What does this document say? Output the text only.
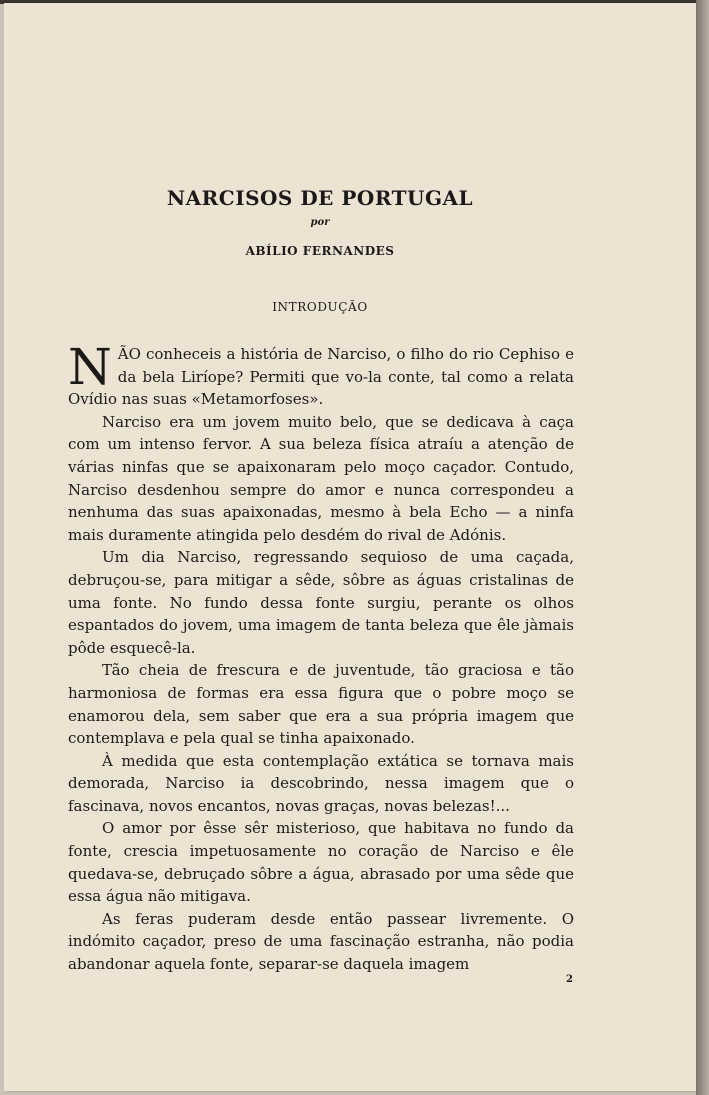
NARCISOS DE PORTUGAL
por
ABÍLIO FERNANDES
INTRODUÇÃO

NÃO conheceis a história de Narciso, o filho do rio Cephiso e da bela Liríope? Permiti que vo-la conte, tal como a relata Ovídio nas suas «Metamorfoses».

Narciso era um jovem muito belo, que se dedicava à caça com um intenso fervor. A sua beleza física atraíu a atenção de várias ninfas que se apaixonaram pelo moço caçador. Contudo, Narciso desdenhou sempre do amor e nunca correspondeu a nenhuma das suas apaixonadas, mesmo à bela Echo — a ninfa mais duramente atingida pelo desdém do rival de Adónis.

Um dia Narciso, regressando sequioso de uma caçada, debruçou-se, para mitigar a sêde, sôbre as águas cristalinas de uma fonte. No fundo dessa fonte surgiu, perante os olhos espantados do jovem, uma imagem de tanta beleza que êle jàmais pôde esquecê-la.

Tão cheia de frescura e de juventude, tão graciosa e tão harmoniosa de formas era essa figura que o pobre moço se enamorou dela, sem saber que era a sua própria imagem que contemplava e pela qual se tinha apaixonado.

À medida que esta contemplação extática se tornava mais demorada, Narciso ia descobrindo, nessa imagem que o fascinava, novos encantos, novas graças, novas belezas!...

O amor por êsse sêr misterioso, que habitava no fundo da fonte, crescia impetuosamente no coração de Narciso e êle quedava-se, debruçado sôbre a água, abrasado por uma sêde que essa água não mitigava.

As feras puderam desde então passear livremente. O indómito caçador, preso de uma fascinação estranha, não podia abandonar aquela fonte, separar-se daquela imagem

2
